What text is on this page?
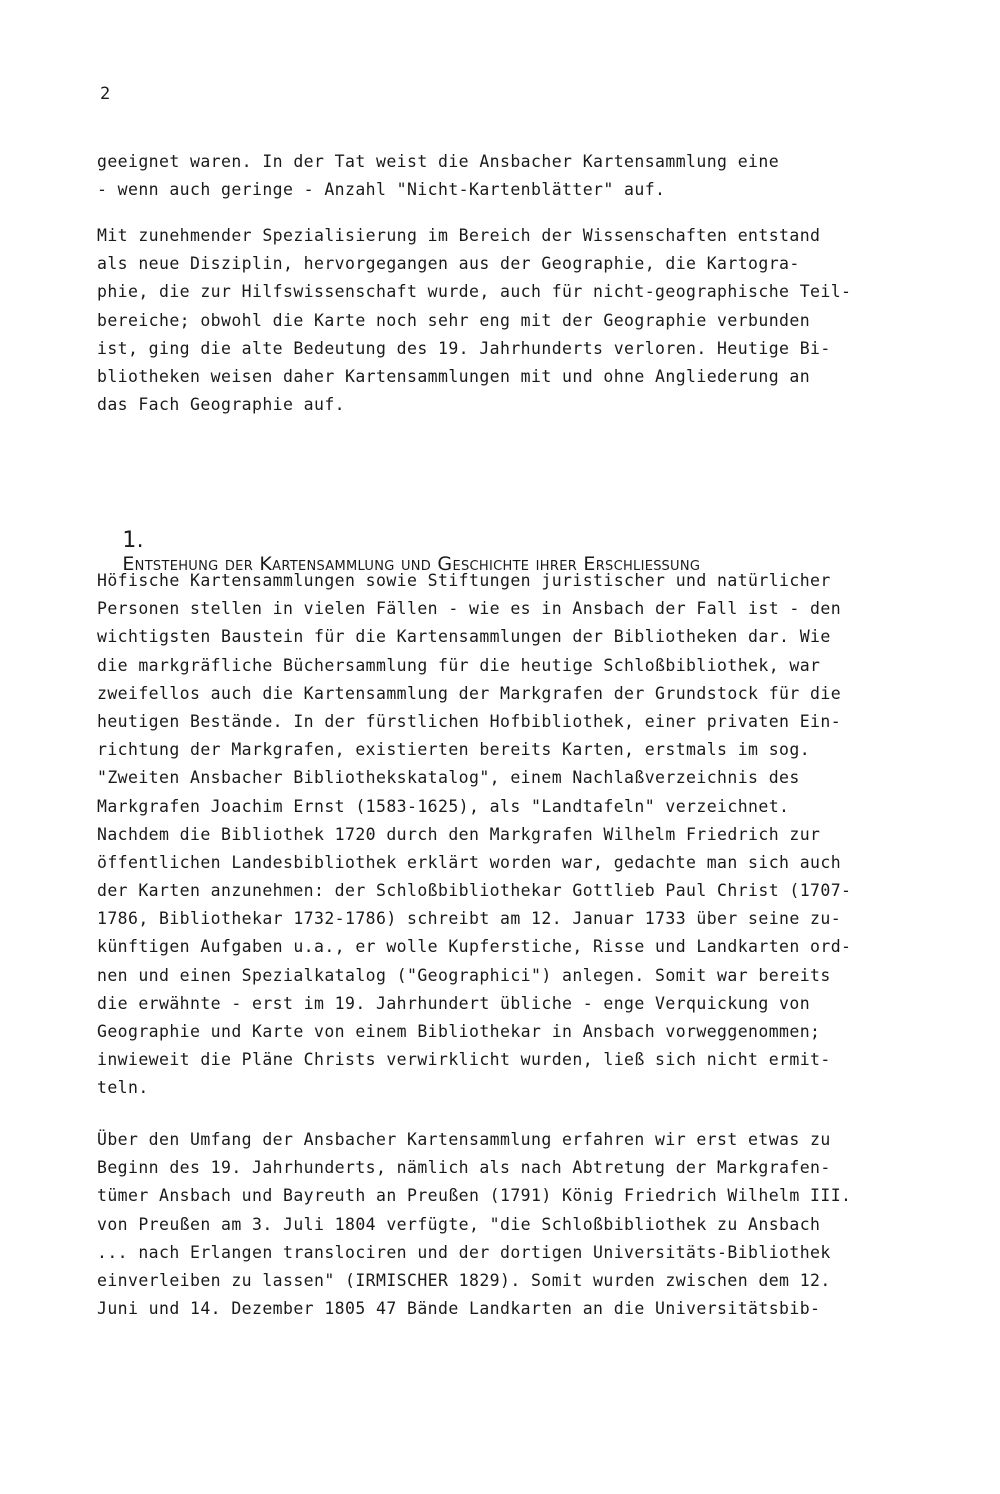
2
geeignet waren. In der Tat weist die Ansbacher Kartensammlung eine
- wenn auch geringe - Anzahl "Nicht-Kartenblätter" auf.
Mit zunehmender Spezialisierung im Bereich der Wissenschaften entstand
als neue Disziplin, hervorgegangen aus der Geographie, die Kartogra-
phie, die zur Hilfswissenschaft wurde, auch für nicht-geographische Teil-
bereiche; obwohl die Karte noch sehr eng mit der Geographie verbunden
ist, ging die alte Bedeutung des 19. Jahrhunderts verloren. Heutige Bi-
bliotheken weisen daher Kartensammlungen mit und ohne Angliederung an
das Fach Geographie auf.

1.
Entstehung der Kartensammlung und Geschichte ihrer Erschließung

Höfische Kartensammlungen sowie Stiftungen juristischer und natürlicher
Personen stellen in vielen Fällen - wie es in Ansbach der Fall ist - den
wichtigsten Baustein für die Kartensammlungen der Bibliotheken dar. Wie
die markgräfliche Büchersammlung für die heutige Schloßbibliothek, war
zweifellos auch die Kartensammlung der Markgrafen der Grundstock für die
heutigen Bestände. In der fürstlichen Hofbibliothek, einer privaten Ein-
richtung der Markgrafen, existierten bereits Karten, erstmals im sog.
"Zweiten Ansbacher Bibliothekskatalog", einem Nachlaßverzeichnis des
Markgrafen Joachim Ernst (1583-1625), als "Landtafeln" verzeichnet.
Nachdem die Bibliothek 1720 durch den Markgrafen Wilhelm Friedrich zur
öffentlichen Landesbibliothek erklärt worden war, gedachte man sich auch
der Karten anzunehmen: der Schloßbibliothekar Gottlieb Paul Christ (1707-
1786, Bibliothekar 1732-1786) schreibt am 12. Januar 1733 über seine zu-
künftigen Aufgaben u.a., er wolle Kupferstiche, Risse und Landkarten ord-
nen und einen Spezialkatalog ("Geographici") anlegen. Somit war bereits
die erwähnte - erst im 19. Jahrhundert übliche - enge Verquickung von
Geographie und Karte von einem Bibliothekar in Ansbach vorweggenommen;
inwieweit die Pläne Christs verwirklicht wurden, ließ sich nicht ermit-
teln.
Über den Umfang der Ansbacher Kartensammlung erfahren wir erst etwas zu
Beginn des 19. Jahrhunderts, nämlich als nach Abtretung der Markgrafen-
tümer Ansbach und Bayreuth an Preußen (1791) König Friedrich Wilhelm III.
von Preußen am 3. Juli 1804 verfügte, "die Schloßbibliothek zu Ansbach
... nach Erlangen translociren und der dortigen Universitäts-Bibliothek
einverleiben zu lassen" (IRMISCHER 1829). Somit wurden zwischen dem 12.
Juni und 14. Dezember 1805 47 Bände Landkarten an die Universitätsbib-
